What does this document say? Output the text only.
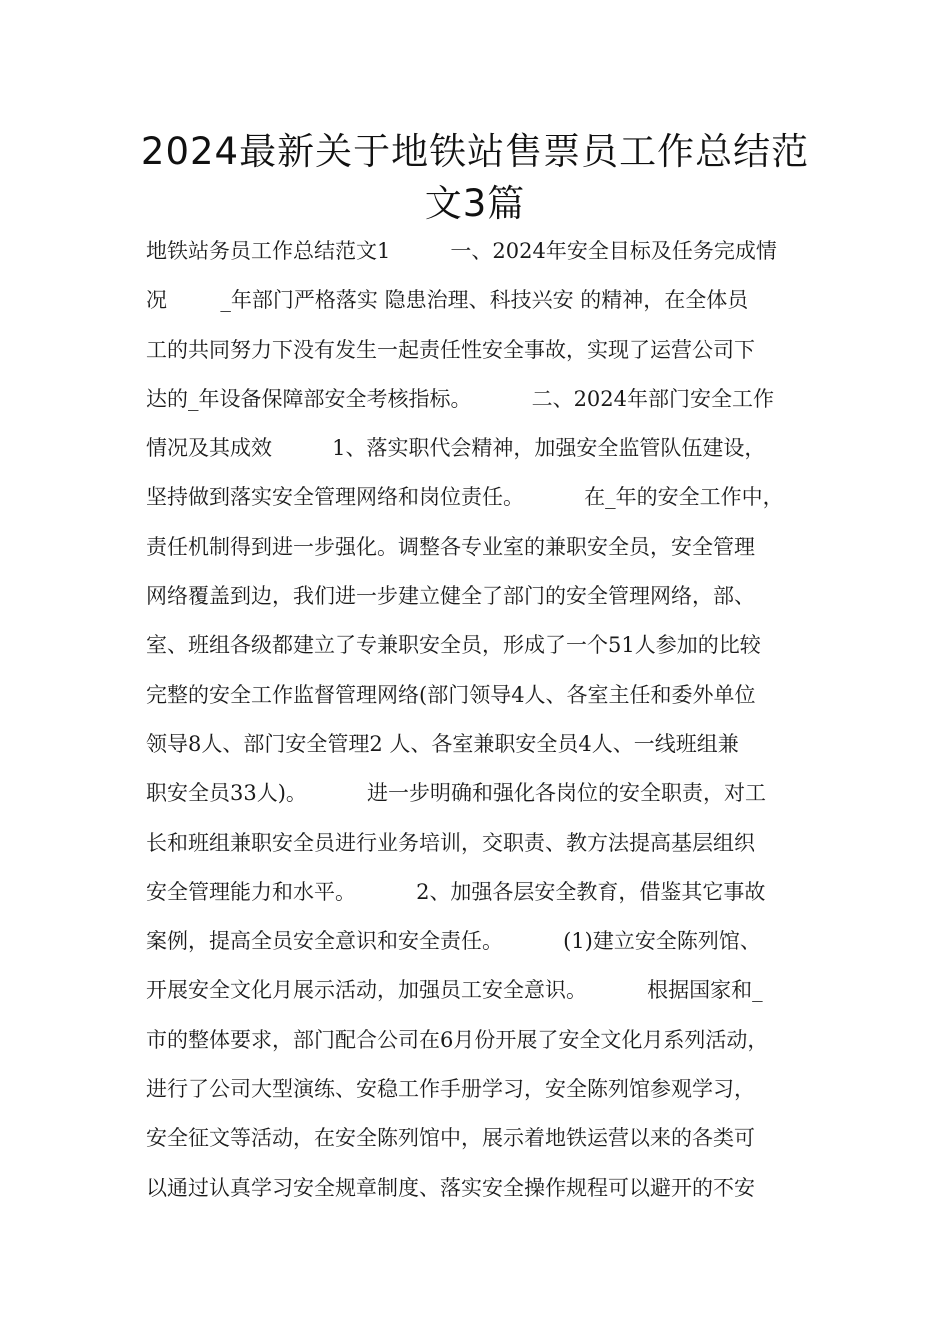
2024最新关于地铁站售票员工作总结范
文3篇
地铁站务员工作总结范文1         一、2024年安全目标及任务完成情
况        _年部门严格落实 隐患治理、科技兴安 的精神，在全体员
工的共同努力下没有发生一起责任性安全事故，实现了运营公司下
达的_年设备保障部安全考核指标。         二、2024年部门安全工作
情况及其成效         1、落实职代会精神，加强安全监管队伍建设，
坚持做到落实安全管理网络和岗位责任。         在_年的安全工作中，
责任机制得到进一步强化。调整各专业室的兼职安全员，安全管理
网络覆盖到边，我们进一步建立健全了部门的安全管理网络，部、
室、班组各级都建立了专兼职安全员，形成了一个51人参加的比较
完整的安全工作监督管理网络(部门领导4人、各室主任和委外单位
领导8人、部门安全管理2 人、各室兼职安全员4人、一线班组兼
职安全员33人)。         进一步明确和强化各岗位的安全职责，对工
长和班组兼职安全员进行业务培训，交职责、教方法提高基层组织
安全管理能力和水平。         2、加强各层安全教育，借鉴其它事故
案例，提高全员安全意识和安全责任。         (1)建立安全陈列馆、
开展安全文化月展示活动，加强员工安全意识。         根据国家和_
市的整体要求，部门配合公司在6月份开展了安全文化月系列活动，
进行了公司大型演练、安稳工作手册学习，安全陈列馆参观学习，
安全征文等活动，在安全陈列馆中，展示着地铁运营以来的各类可
以通过认真学习安全规章制度、落实安全操作规程可以避开的不安
